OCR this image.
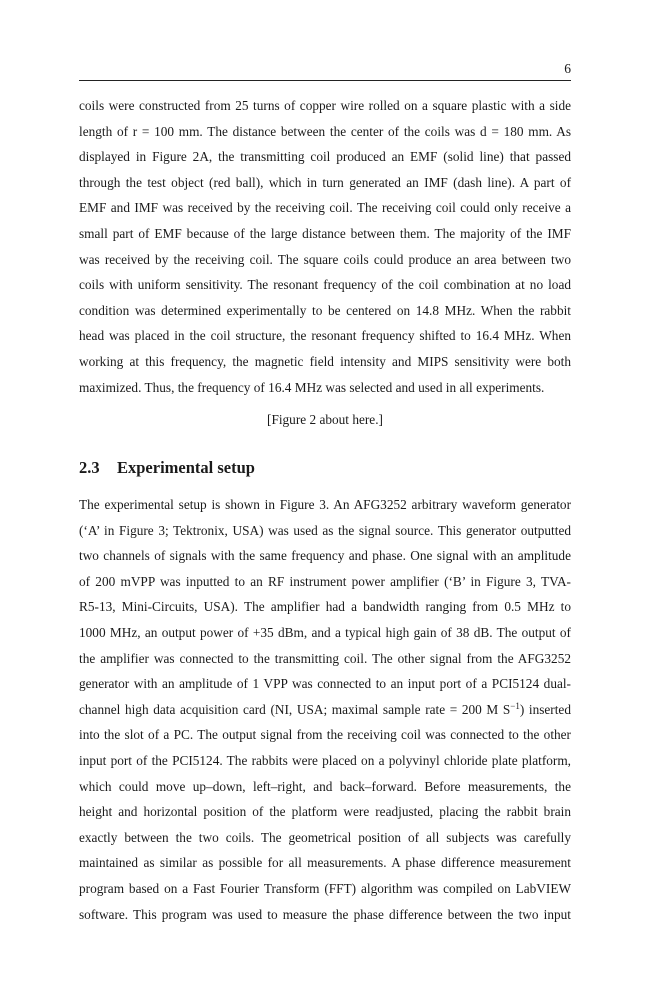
6
coils were constructed from 25 turns of copper wire rolled on a square plastic with a side
length of r = 100 mm. The distance between the center of the coils was d = 180 mm. As
displayed in Figure 2A, the transmitting coil produced an EMF (solid line) that passed
through the test object (red ball), which in turn generated an IMF (dash line). A part of
EMF and IMF was received by the receiving coil. The receiving coil could only receive a
small part of EMF because of the large distance between them. The majority of the IMF
was received by the receiving coil. The square coils could produce an area between two
coils with uniform sensitivity. The resonant frequency of the coil combination at no load
condition was determined experimentally to be centered on 14.8 MHz. When the rabbit
head was placed in the coil structure, the resonant frequency shifted to 16.4 MHz. When
working at this frequency, the magnetic field intensity and MIPS sensitivity were both
maximized. Thus, the frequency of 16.4 MHz was selected and used in all experiments.
[Figure 2 about here.]
2.3 Experimental setup
The experimental setup is shown in Figure 3. An AFG3252 arbitrary waveform generator
(‘A’ in Figure 3; Tektronix, USA) was used as the signal source. This generator outputted
two channels of signals with the same frequency and phase. One signal with an amplitude
of 200 mVPP was inputted to an RF instrument power amplifier (‘B’ in Figure 3, TVA-
R5-13, Mini-Circuits, USA). The amplifier had a bandwidth ranging from 0.5 MHz to
1000 MHz, an output power of +35 dBm, and a typical high gain of 38 dB. The output of
the amplifier was connected to the transmitting coil. The other signal from the AFG3252
generator with an amplitude of 1 VPP was connected to an input port of a PCI5124 dual-
channel high data acquisition card (NI, USA; maximal sample rate = 200 M $S^{-1}$) inserted
into the slot of a PC. The output signal from the receiving coil was connected to the other
input port of the PCI5124. The rabbits were placed on a polyvinyl chloride plate platform,
which could move up–down, left–right, and back–forward. Before measurements, the
height and horizontal position of the platform were readjusted, placing the rabbit brain
exactly between the two coils. The geometrical position of all subjects was carefully
maintained as similar as possible for all measurements. A phase difference measurement
program based on a Fast Fourier Transform (FFT) algorithm was compiled on LabVIEW
software. This program was used to measure the phase difference between the two input
